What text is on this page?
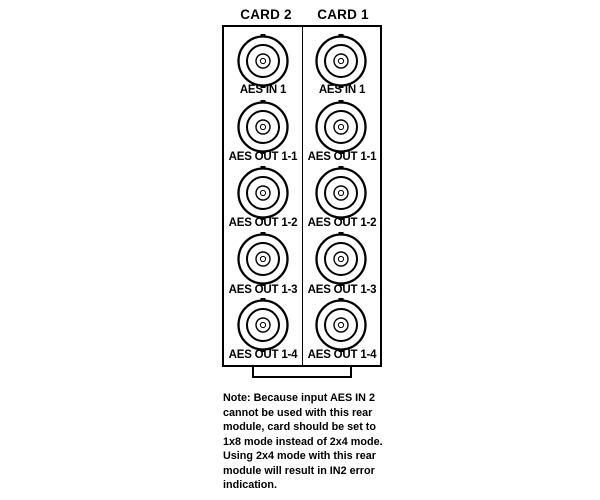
CARD 2	CARD 1
AES IN 1
AES OUT 1-1
AES OUT 1-2
AES OUT 1-3
AES OUT 1-4
AES IN 1
AES OUT 1-1
AES OUT 1-2
AES OUT 1-3
AES OUT 1-4

Note: Because input AES IN 2
cannot be used with this rear
module, card should be set to
1x8 mode instead of 2x4 mode.
Using 2x4 mode with this rear
module will result in IN2 error
indication.
